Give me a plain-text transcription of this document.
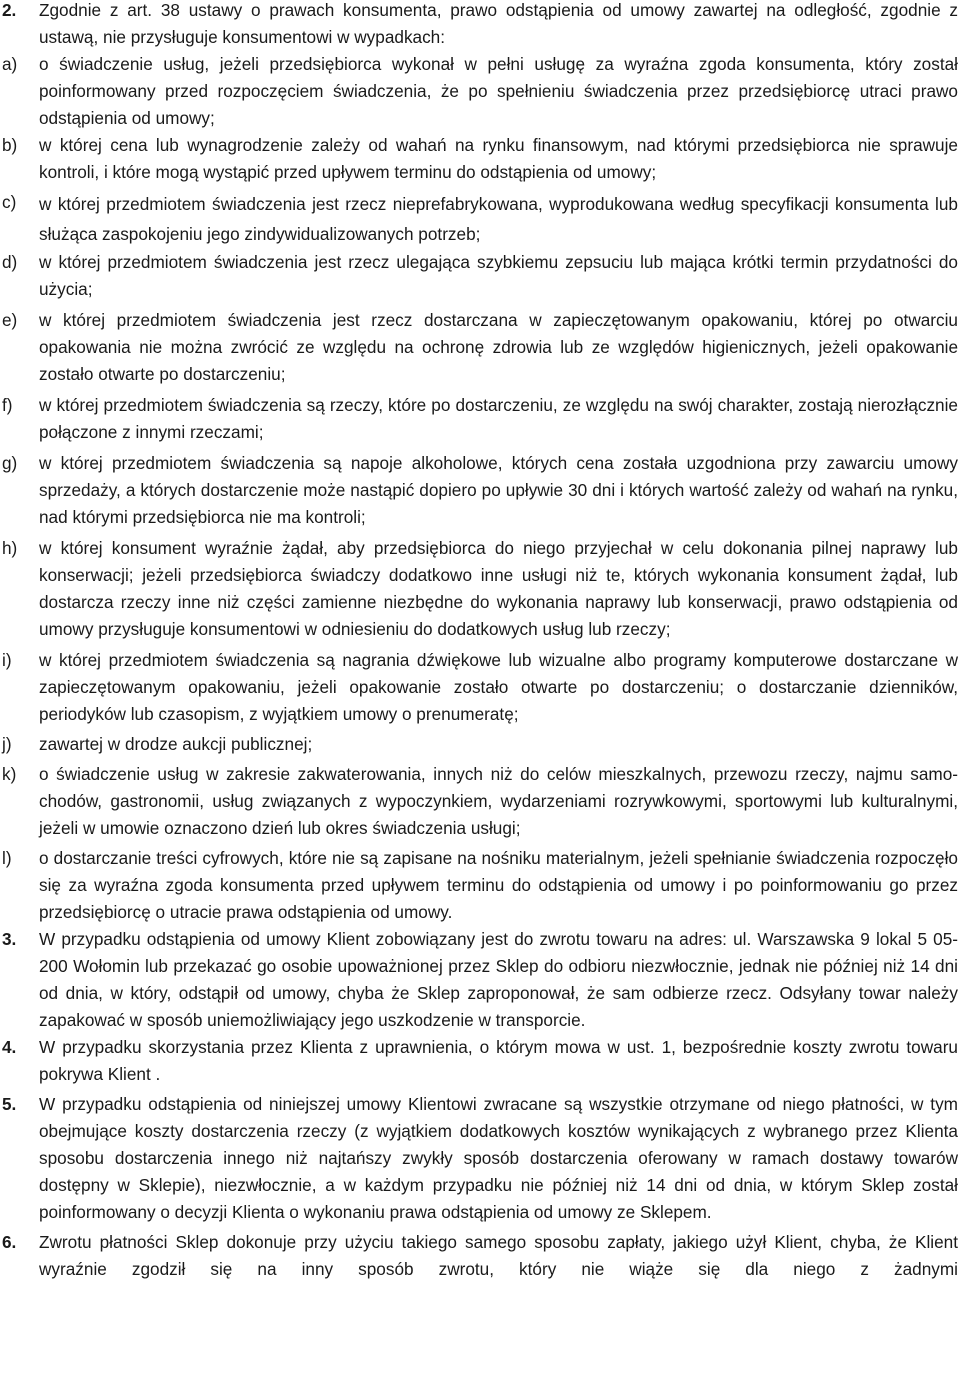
2.	Zgodnie z art. 38 ustawy o prawach konsumenta, prawo odstąpienia od umowy zawartej na odległość, zgodnie z ustawą, nie przysługuje konsumentowi w wypadkach:
a)	o świadczenie usług, jeżeli przedsiębiorca wykonał w pełni usługę za wyraźna zgoda konsumenta, który został poinformowany przed rozpoczęciem świadczenia, że po spełnieniu świadczenia przez przedsiębiorcę utraci prawo odstąpienia od umowy;
b)	w której cena lub wynagrodzenie zależy od wahań na rynku finansowym, nad którymi przedsiębiorca nie sprawuje kontroli, i które mogą wystąpić przed upływem terminu do odstąpienia od umowy;
c)	w której przedmiotem świadczenia jest rzecz nieprefabrykowana, wyprodukowana według specyfikacji konsumenta lub służąca zaspokojeniu jego zindywidualizowanych potrzeb;
d)	w której przedmiotem świadczenia jest rzecz ulegająca szybkiemu zepsuciu lub mająca krótki termin przydatności do użycia;
e)	w której przedmiotem świadczenia jest rzecz dostarczana w zapieczętowanym opakowaniu, której po otwarciu opakowania nie można zwrócić ze względu na ochronę zdrowia lub ze względów higienicznych, jeżeli opakowanie zostało otwarte po dostarczeniu;
f)	w której przedmiotem świadczenia są rzeczy, które po dostarczeniu, ze względu na swój charakter, zostają nierozłącznie połączone z innymi rzeczami;
g)	w której przedmiotem świadczenia są napoje alkoholowe, których cena została uzgodniona przy zawarciu umowy sprzedaży, a których dostarczenie może nastąpić dopiero po upływie 30 dni i których wartość zależy od wahań na rynku, nad którymi przedsiębiorca nie ma kontroli;
h)	w której konsument wyraźnie żądał, aby przedsiębiorca do niego przyjechał w celu dokonania pilnej naprawy lub konserwacji; jeżeli przedsiębiorca świadczy dodatkowo inne usługi niż te, których wykonania konsument żądał, lub dostarcza rzeczy inne niż części zamienne niezbędne do wykonania naprawy lub konserwacji, prawo odstąpienia od umowy przysługuje konsumentowi w odniesieniu do dodatkowych usług lub rzeczy;
i)	w której przedmiotem świadczenia są nagrania dźwiękowe lub wizualne albo programy komputerowe dostarczane w zapieczętowanym opakowaniu, jeżeli opakowanie zostało otwarte po dostarczeniu; o dostarczanie dzienników, periodyków lub czasopism, z wyjątkiem umowy o prenumeratę;
j)	zawartej w drodze aukcji publicznej;
k)	o świadczenie usług w zakresie zakwaterowania, innych niż do celów mieszkalnych, przewozu rzeczy, najmu samo- chodów, gastronomii, usług związanych z wypoczynkiem, wydarzeniami rozrywkowymi, sportowymi lub kulturalnymi, jeżeli w umowie oznaczono dzień lub okres świadczenia usługi;
l)	o dostarczanie treści cyfrowych, które nie są zapisane na nośniku materialnym, jeżeli spełnianie świadczenia rozpoczęło się za wyraźna zgoda konsumenta przed upływem terminu do odstąpienia od umowy i po poinformowaniu go przez przedsiębiorcę o utracie prawa odstąpienia od umowy.
3.	W przypadku odstąpienia od umowy Klient zobowiązany jest do zwrotu towaru na adres: ul. Warszawska 9 lokal 5 05-200 Wołomin lub przekazać go osobie upoważnionej przez Sklep do odbioru niezwłocznie, jednak nie później niż 14 dni od dnia, w który, odstąpił od umowy, chyba że Sklep zaproponował, że sam odbierze rzecz. Odsyłany towar należy zapakować w sposób uniemożliwiający jego uszkodzenie w transporcie.
4.	W przypadku skorzystania przez Klienta z uprawnienia, o którym mowa w ust. 1, bezpośrednie koszty zwrotu towaru pokrywa Klient .
5.	W przypadku odstąpienia od niniejszej umowy Klientowi zwracane są wszystkie otrzymane od niego płatności, w tym obejmujące koszty dostarczenia rzeczy (z wyjątkiem dodatkowych kosztów wynikających z wybranego przez Klienta sposobu dostarczenia innego niż najtańszy zwykły sposób dostarczenia oferowany w ramach dostawy towarów dostępny w Sklepie), niezwłocznie, a w każdym przypadku nie później niż 14 dni od dnia, w którym Sklep został poinformowany o decyzji Klienta o wykonaniu prawa odstąpienia od umowy ze Sklepem.
6.	Zwrotu płatności Sklep dokonuje przy użyciu takiego samego sposobu zapłaty, jakiego użył Klient, chyba, że Klient wyraźnie zgodził się na inny sposób zwrotu, który nie wiąże się dla niego z żadnymi
